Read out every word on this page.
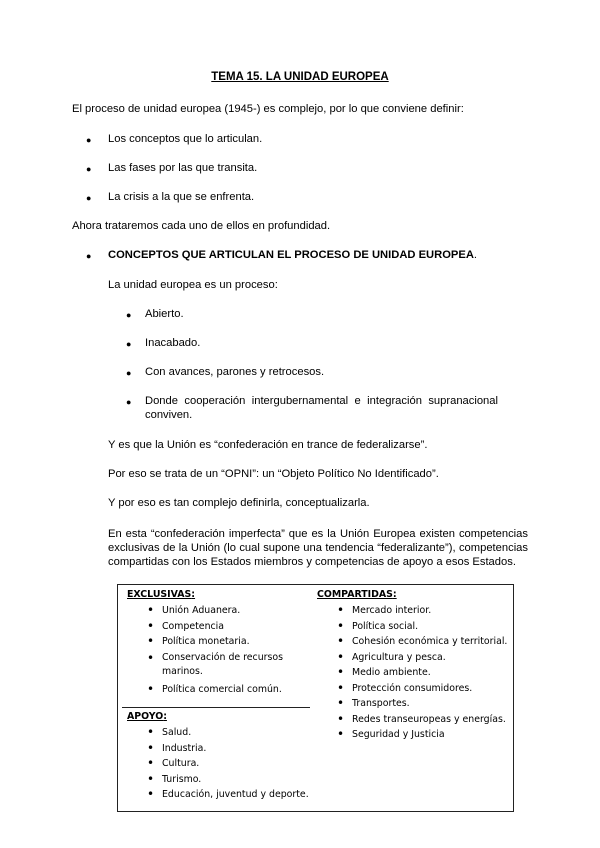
TEMA 15. LA UNIDAD EUROPEA

El proceso de unidad europea (1945-) es complejo, por lo que conviene definir:

● Los conceptos que lo articulan.

● Las fases por las que transita.

● La crisis a la que se enfrenta.

Ahora trataremos cada uno de ellos en profundidad.

● CONCEPTOS QUE ARTICULAN EL PROCESO DE UNIDAD EUROPEA.

La unidad europea es un proceso:

● Abierto.

● Inacabado.

● Con avances, parones y retrocesos.

● Donde cooperación intergubernamental e integración supranacional conviven.

Y es que la Unión es “confederación en trance de federalizarse”.

Por eso se trata de un “OPNI”: un “Objeto Político No Identificado”.

Y por eso es tan complejo definirla, conceptualizarla.

En esta “confederación imperfecta” que es la Unión Europea existen competencias exclusivas de la Unión (lo cual supone una tendencia “federalizante”), competencias compartidas con los Estados miembros y competencias de apoyo a esos Estados.

EXCLUSIVAS:
• Unión Aduanera.
• Competencia
• Política monetaria.
• Conservación de recursos marinos.
• Política comercial común.
APOYO:
• Salud.
• Industria.
• Cultura.
• Turismo.
• Educación, juventud y deporte.
COMPARTIDAS:
• Mercado interior.
• Política social.
• Cohesión económica y territorial.
• Agricultura y pesca.
• Medio ambiente.
• Protección consumidores.
• Transportes.
• Redes transeuropeas y energías.
• Seguridad y Justicia
